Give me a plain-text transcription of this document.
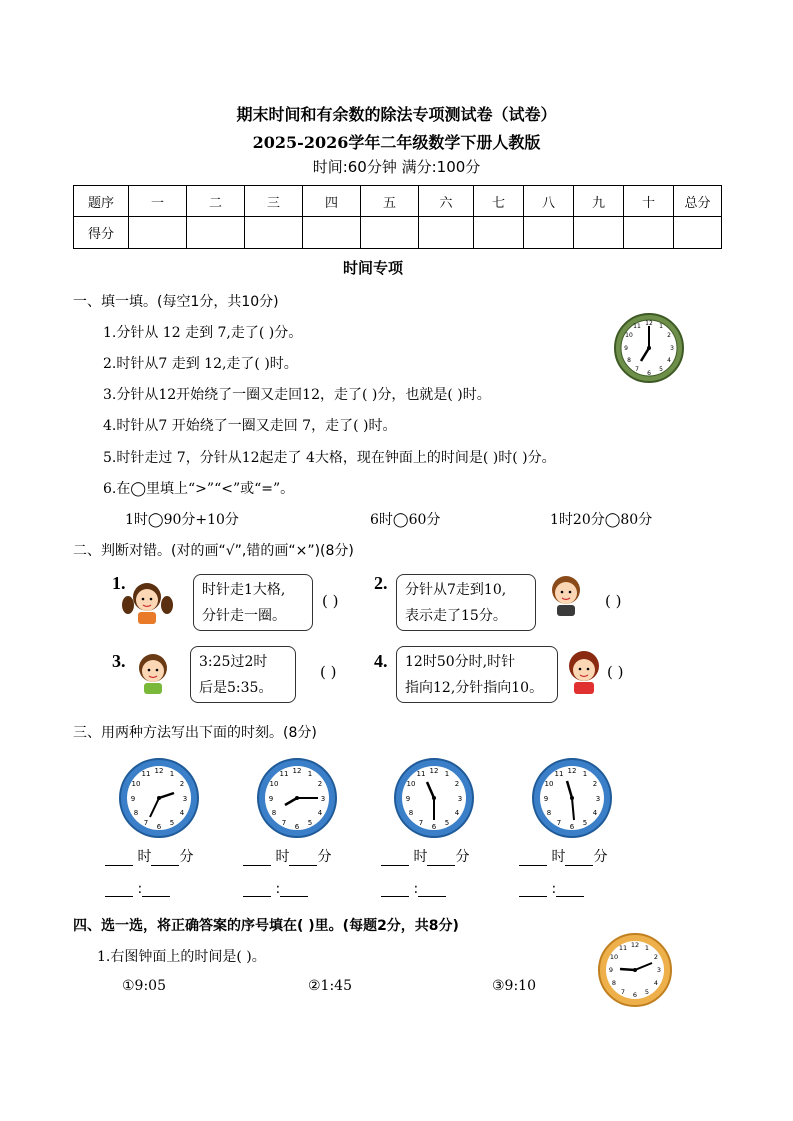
期末时间和有余数的除法专项测试卷（试卷）
2025-2026学年二年级数学下册人教版
时间:60分钟 满分:100分
题序	一	二	三	四	五	六	七	八	九	十	总分
得分											
时间专项
一、填一填。(每空1分，共10分)
1.分针从 12 走到 7,走了( )分。
2.时针从7 走到 12,走了( )时。
3.分针从12开始绕了一圈又走回12，走了( )分，也就是( )时。
4.时针从7 开始绕了一圈又走回 7，走了( )时。
5.时针走过 7，分针从12起走了 4大格，现在钟面上的时间是( )时( )分。
6.在◯里填上“>”“<”或“=”。
1时◯90分+10分	6时◯60分	1时20分◯80分
12 1
2
3
4
5
6
7
8
9
10
11
二、判断对错。(对的画“√”,错的画“×”)(8分)
1.	时针走1大格,
分针走一圈。
( )
2. 分针从7走到10,
表示走了15分。
( )
3.	3:25过2时
后是5:35。
( )
4. 12时50分时,时针
指向12,分针指向10。
( )
三、用两种方法写出下面的时刻。(8分)
12 1
2
3
4
5
6
7
8
9
10
11	12 1
2
3
4
5
6
7
8
9
10
11	12 1
2
3
4
5
6
7
8
9
10
11	12 1
2
3
4
5
6
7
8
9
10
11
时 分	时 分	时 分	时 分
:	:	:	:
四、选一选，将正确答案的序号填在( )里。(每题2分，共8分)
1.右图钟面上的时间是( )。
①9:05	②1:45	③9:10
12 1
2
3
4
5
6
7
8
9
10
11
